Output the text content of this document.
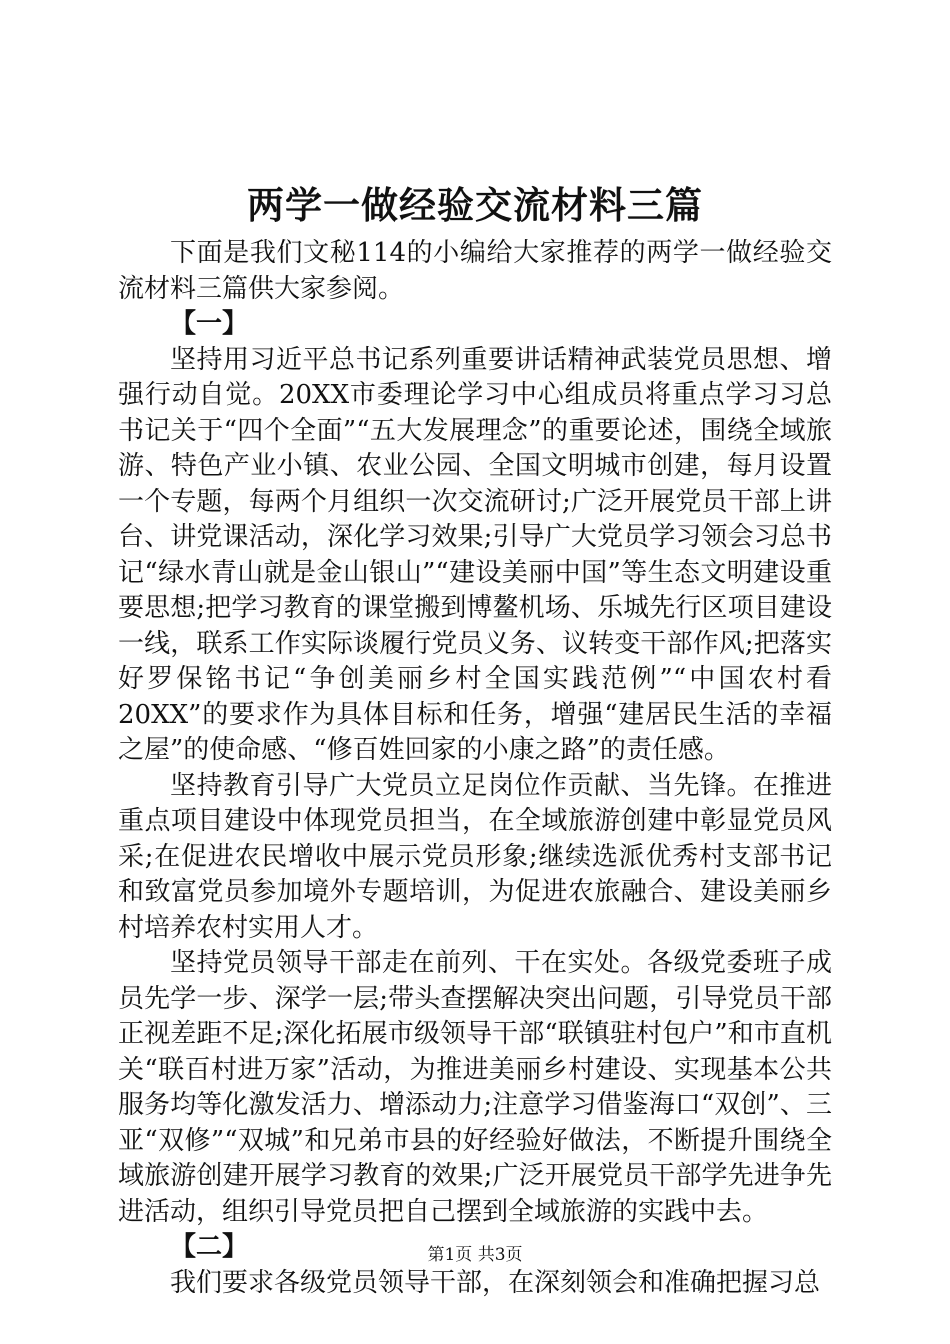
两学一做经验交流材料三篇

下面是我们文秘114的小编给大家推荐的两学一做经验交流材料三篇供大家参阅。

【一】

坚持用习近平总书记系列重要讲话精神武装党员思想、增强行动自觉。20XX市委理论学习中心组成员将重点学习习总书记关于“四个全面”“五大发展理念”的重要论述，围绕全域旅游、特色产业小镇、农业公园、全国文明城市创建，每月设置一个专题，每两个月组织一次交流研讨;广泛开展党员干部上讲台、讲党课活动，深化学习效果;引导广大党员学习领会习总书记“绿水青山就是金山银山”“建设美丽中国”等生态文明建设重要思想;把学习教育的课堂搬到博鳌机场、乐城先行区项目建设一线，联系工作实际谈履行党员义务、议转变干部作风;把落实好罗保铭书记“争创美丽乡村全国实践范例”“中国农村看20XX”的要求作为具体目标和任务，增强“建居民生活的幸福之屋”的使命感、“修百姓回家的小康之路”的责任感。

坚持教育引导广大党员立足岗位作贡献、当先锋。在推进重点项目建设中体现党员担当，在全域旅游创建中彰显党员风采;在促进农民增收中展示党员形象;继续选派优秀村支部书记和致富党员参加境外专题培训，为促进农旅融合、建设美丽乡村培养农村实用人才。

坚持党员领导干部走在前列、干在实处。各级党委班子成员先学一步、深学一层;带头查摆解决突出问题，引导党员干部正视差距不足;深化拓展市级领导干部“联镇驻村包户”和市直机关“联百村进万家”活动，为推进美丽乡村建设、实现基本公共服务均等化激发活力、增添动力;注意学习借鉴海口“双创”、三亚“双修”“双城”和兄弟市县的好经验好做法，不断提升围绕全域旅游创建开展学习教育的效果;广泛开展党员干部学先进争先进活动，组织引导党员把自己摆到全域旅游的实践中去。

【二】

我们要求各级党员领导干部，在深刻领会和准确把握习总

第1页 共3页
